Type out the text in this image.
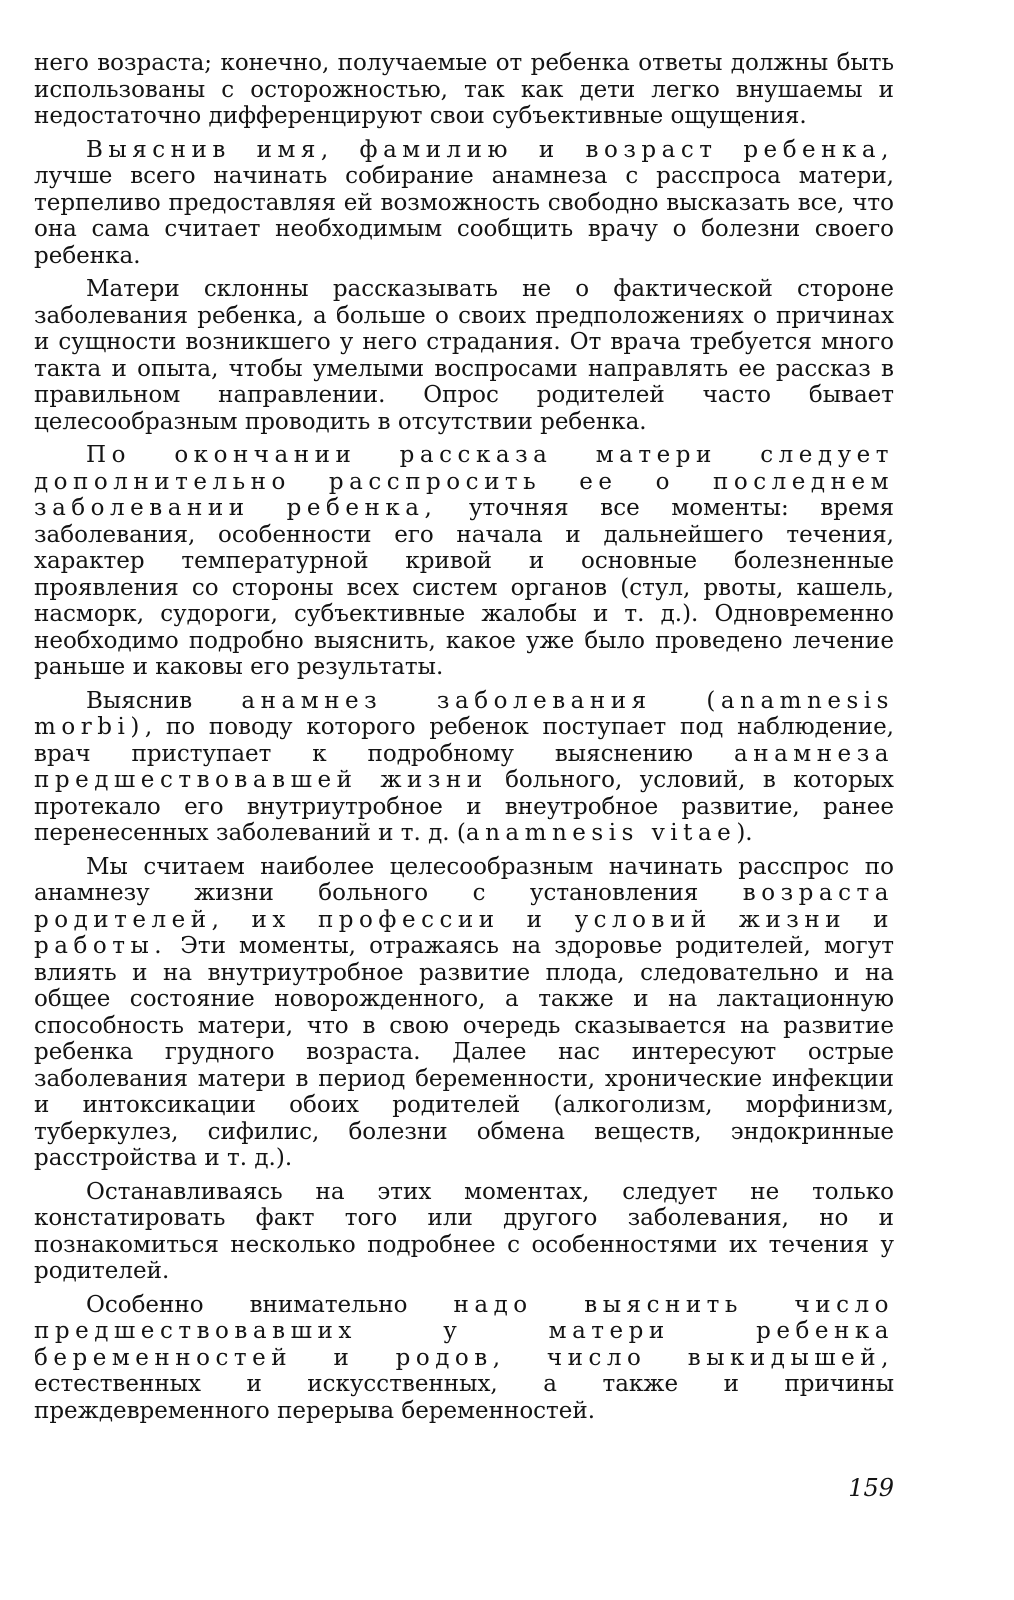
него возраста; конечно, получаемые от ребенка ответы должны быть использованы с осторожностью, так как дети легко внушаемы и недостаточно дифференцируют свои субъективные ощущения.

Выяснив имя, фамилию и возраст ребенка, лучше всего начинать собирание анамнеза с расспроса матери, терпеливо предоставляя ей возможность свободно высказать все, что она сама считает необходимым сообщить врачу о болезни своего ребенка.

Матери склонны рассказывать не о фактической стороне заболевания ребенка, а больше о своих предположениях о причинах и сущности возникшего у него страдания. От врача требуется много такта и опыта, чтобы умелыми воспросами направлять ее рассказ в правильном направлении. Опрос родителей часто бывает целесообразным проводить в отсутствии ребенка.

По окончании рассказа матери следует дополнительно расспросить ее о последнем заболевании ребенка, уточняя все моменты: время заболевания, особенности его начала и дальнейшего течения, характер температурной кривой и основные болезненные проявления со стороны всех систем органов (стул, рвоты, кашель, насморк, судороги, субъективные жалобы и т. д.). Одновременно необходимо подробно выяснить, какое уже было проведено лечение раньше и каковы его результаты.

Выяснив анамнез заболевания (anamnesis morbi), по поводу которого ребенок поступает под наблюдение, врач приступает к подробному выяснению анамнеза предшествовавшей жизни больного, условий, в которых протекало его внутриутробное и внеутробное развитие, ранее перенесенных заболеваний и т. д. (anamnesis vitae).

Мы считаем наиболее целесообразным начинать расспрос по анамнезу жизни больного с установления возраста родителей, их профессии и условий жизни и работы. Эти моменты, отражаясь на здоровье родителей, могут влиять и на внутриутробное развитие плода, следовательно и на общее состояние новорожденного, а также и на лактационную способность матери, что в свою очередь сказывается на развитие ребенка грудного возраста. Далее нас интересуют острые заболевания матери в период беременности, хронические инфекции и интоксикации обоих родителей (алкоголизм, морфинизм, туберкулез, сифилис, болезни обмена веществ, эндокринные расстройства и т. д.).

Останавливаясь на этих моментах, следует не только констатировать факт того или другого заболевания, но и познакомиться несколько подробнее с особенностями их течения у родителей.

Особенно внимательно надо выяснить число предшествовавших у матери ребенка беременностей и родов, число выкидышей, естественных и искусственных, а также и причины преждевременного перерыва беременностей.

159
